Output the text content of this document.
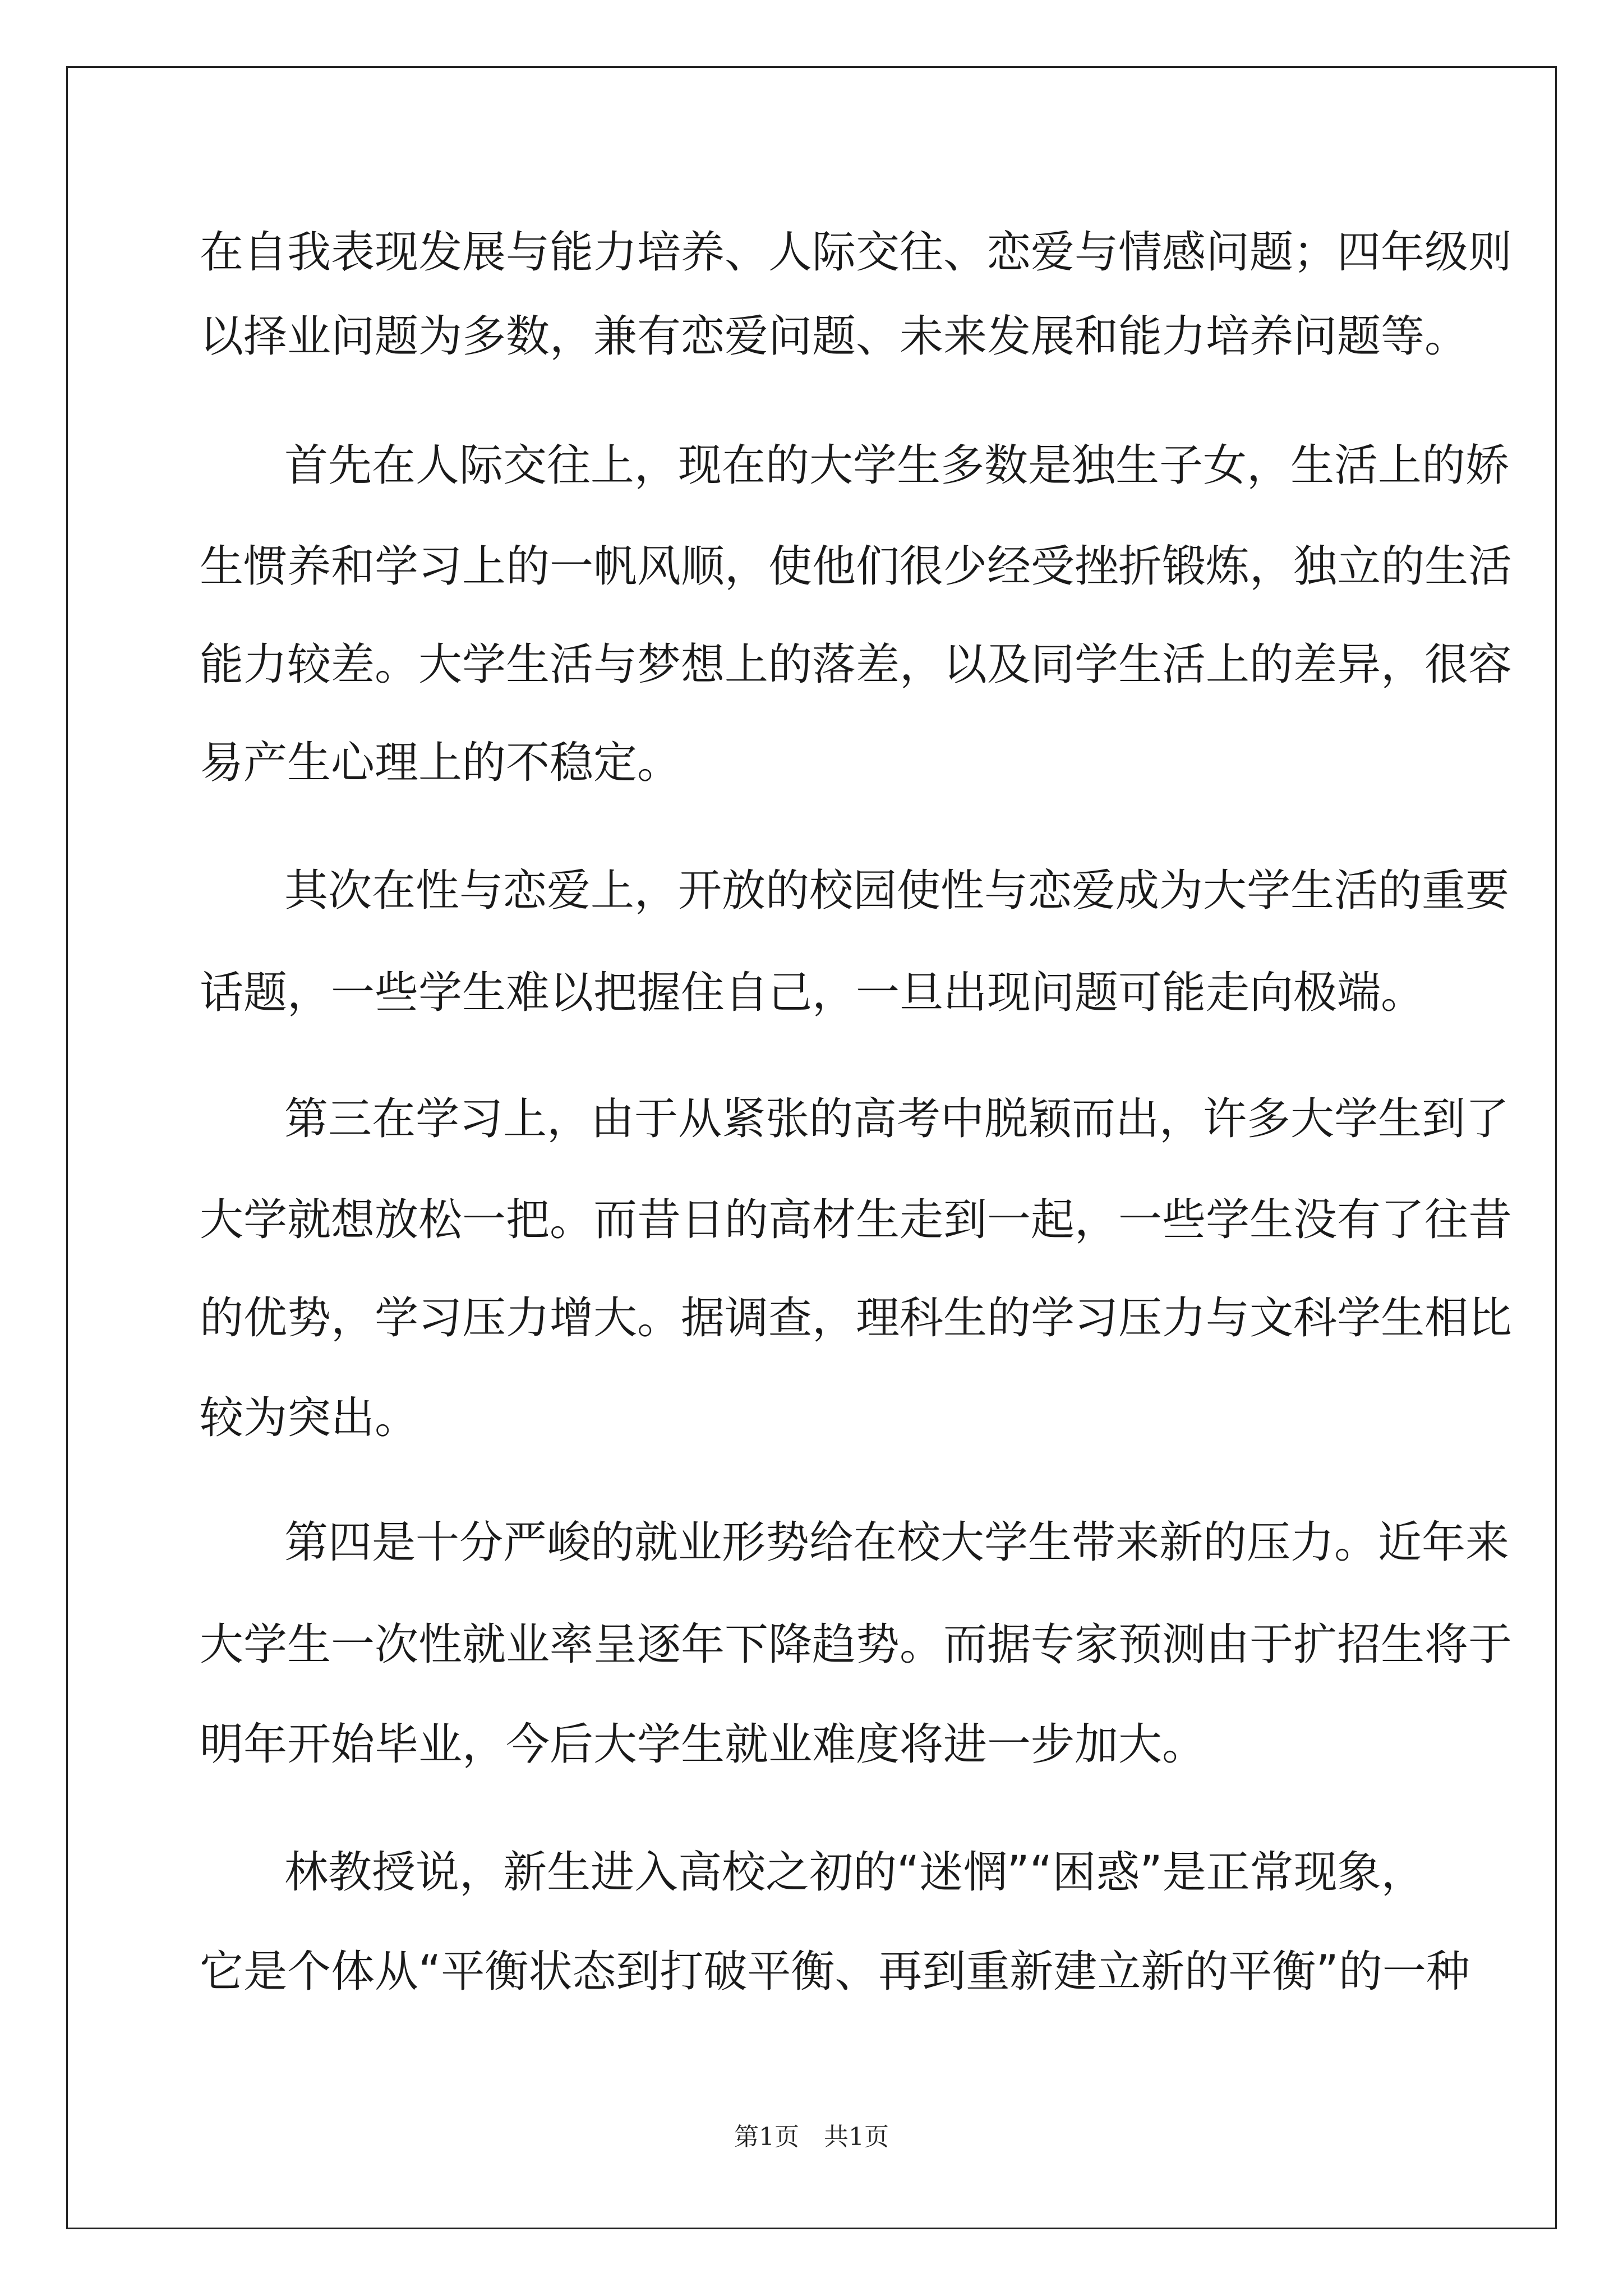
在自我表现发展与能力培养、人际交往、恋爱与情感问题；四年级则
以择业问题为多数，兼有恋爱问题、未来发展和能力培养问题等。
首先在人际交往上，现在的大学生多数是独生子女，生活上的娇
生惯养和学习上的一帆风顺，使他们很少经受挫折锻炼，独立的生活
能力较差。大学生活与梦想上的落差，以及同学生活上的差异，很容
易产生心理上的不稳定。
其次在性与恋爱上，开放的校园使性与恋爱成为大学生活的重要
话题，一些学生难以把握住自己，一旦出现问题可能走向极端。
第三在学习上，由于从紧张的高考中脱颖而出，许多大学生到了
大学就想放松一把。而昔日的高材生走到一起，一些学生没有了往昔
的优势，学习压力增大。据调查，理科生的学习压力与文科学生相比
较为突出。
第四是十分严峻的就业形势给在校大学生带来新的压力。近年来
大学生一次性就业率呈逐年下降趋势。而据专家预测由于扩招生将于
明年开始毕业，今后大学生就业难度将进一步加大。
林教授说，新生进入高校之初的“迷惘”“困惑”是正常现象，
它是个体从“平衡状态到打破平衡、再到重新建立新的平衡”的一种
第1页　共1页
